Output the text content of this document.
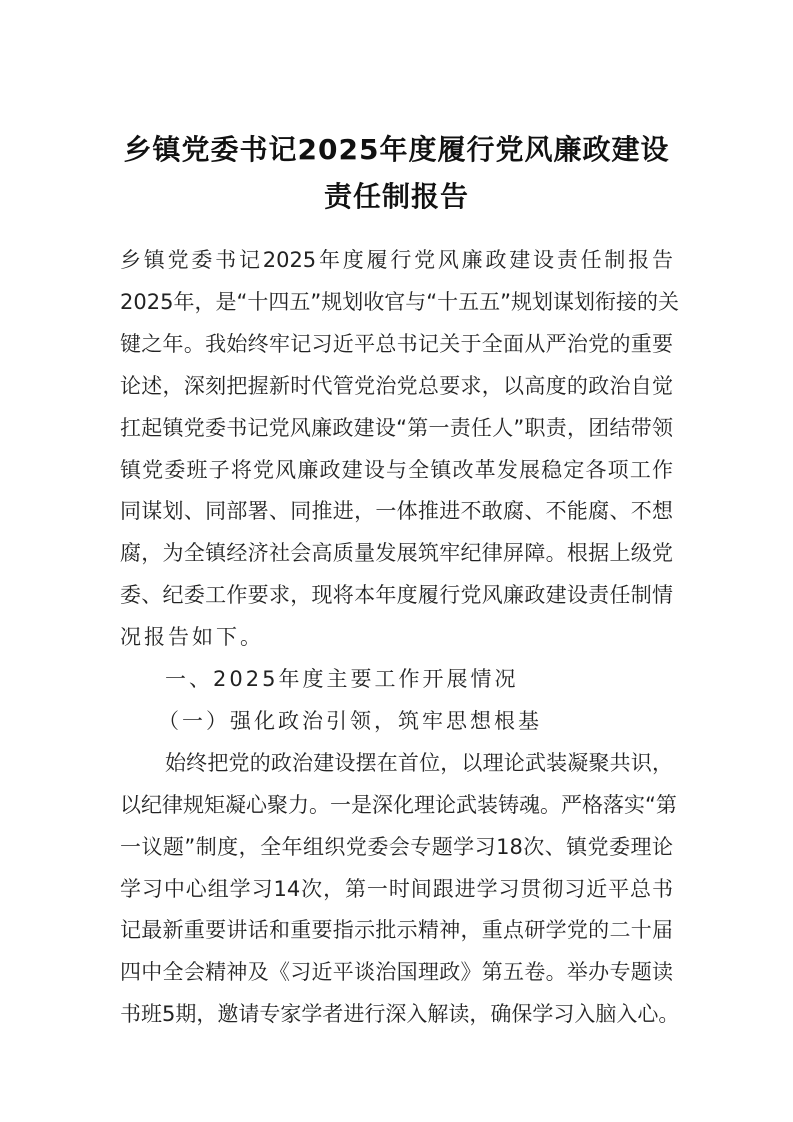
乡镇党委书记2025年度履行党风廉政建设
责任制报告
乡镇党委书记2025年度履行党风廉政建设责任制报告
2025年，是“十四五”规划收官与“十五五”规划谋划衔接的关
键之年。我始终牢记习近平总书记关于全面从严治党的重要
论述，深刻把握新时代管党治党总要求，以高度的政治自觉
扛起镇党委书记党风廉政建设“第一责任人”职责，团结带领
镇党委班子将党风廉政建设与全镇改革发展稳定各项工作
同谋划、同部署、同推进，一体推进不敢腐、不能腐、不想
腐，为全镇经济社会高质量发展筑牢纪律屏障。根据上级党
委、纪委工作要求，现将本年度履行党风廉政建设责任制情
况报告如下。
一、2025年度主要工作开展情况
（一）强化政治引领，筑牢思想根基
始终把党的政治建设摆在首位，以理论武装凝聚共识，
以纪律规矩凝心聚力。一是深化理论武装铸魂。严格落实“第
一议题”制度，全年组织党委会专题学习18次、镇党委理论
学习中心组学习14次，第一时间跟进学习贯彻习近平总书
记最新重要讲话和重要指示批示精神，重点研学党的二十届
四中全会精神及《习近平谈治国理政》第五卷。举办专题读
书班5期，邀请专家学者进行深入解读，确保学习入脑入心。
